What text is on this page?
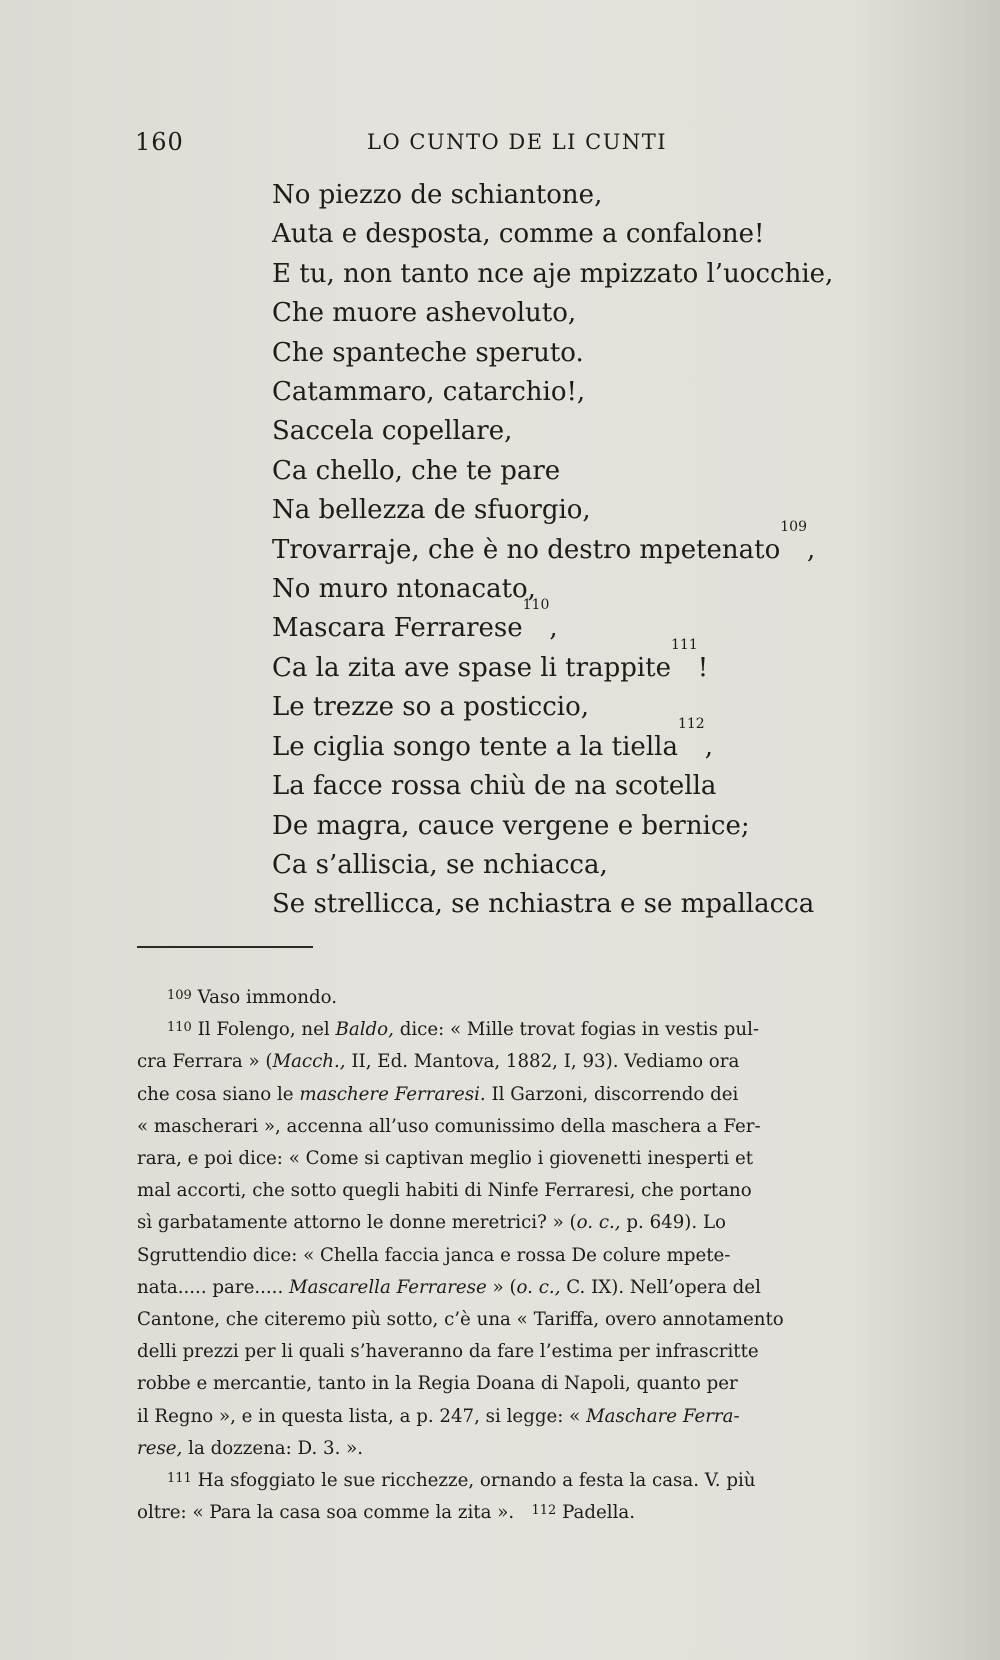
160	LO CUNTO DE LI CUNTI
No piezzo de schiantone,
Auta e desposta, comme a confalone!
E tu, non tanto nce aje mpizzato l’uocchie,
Che muore ashevoluto,
Che spanteche speruto.
Catammaro, catarchio!,
Saccela copellare,
Ca chello, che te pare
Na bellezza de sfuorgio,
Trovarraje, che è no destro mpetenato$^{109}$,
No muro ntonacato,
Mascara Ferrarese$^{110}$,
Ca la zita ave spase li trappite$^{111}$!
Le trezze so a posticcio,
Le ciglia songo tente a la tiella$^{112}$,
La facce rossa chiù de na scotella
De magra, cauce vergene e bernice;
Ca s’alliscia, se nchiacca,
Se strellicca, se nchiastra e se mpallacca
$^{109}$ Vaso immondo.
$^{110}$ Il Folengo, nel Baldo, dice: « Mille trovat fogias in vestis pul-
cra Ferrara » (Macch., II, Ed. Mantova, 1882, I, 93). Vediamo ora
che cosa siano le maschere Ferraresi. Il Garzoni, discorrendo dei
« mascherari », accenna all’uso comunissimo della maschera a Fer-
rara, e poi dice: « Come si captivan meglio i giovenetti inesperti et
mal accorti, che sotto quegli habiti di Ninfe Ferraresi, che portano
sì garbatamente attorno le donne meretrici? » (o. c., p. 649). Lo
Sgruttendio dice: « Chella faccia janca e rossa De colure mpete-
nata..... pare..... Mascarella Ferrarese » (o. c., C. IX). Nell’opera del
Cantone, che citeremo più sotto, c’è una « Tariffa, overo annotamento
delli prezzi per li quali s’haveranno da fare l’estima per infrascritte
robbe e mercantie, tanto in la Regia Doana di Napoli, quanto per
il Regno », e in questa lista, a p. 247, si legge: « Maschare Ferra-
rese, la dozzena: D. 3. ».
$^{111}$ Ha sfoggiato le sue ricchezze, ornando a festa la casa. V. più
oltre: « Para la casa soa comme la zita ». $^{112}$ Padella.
